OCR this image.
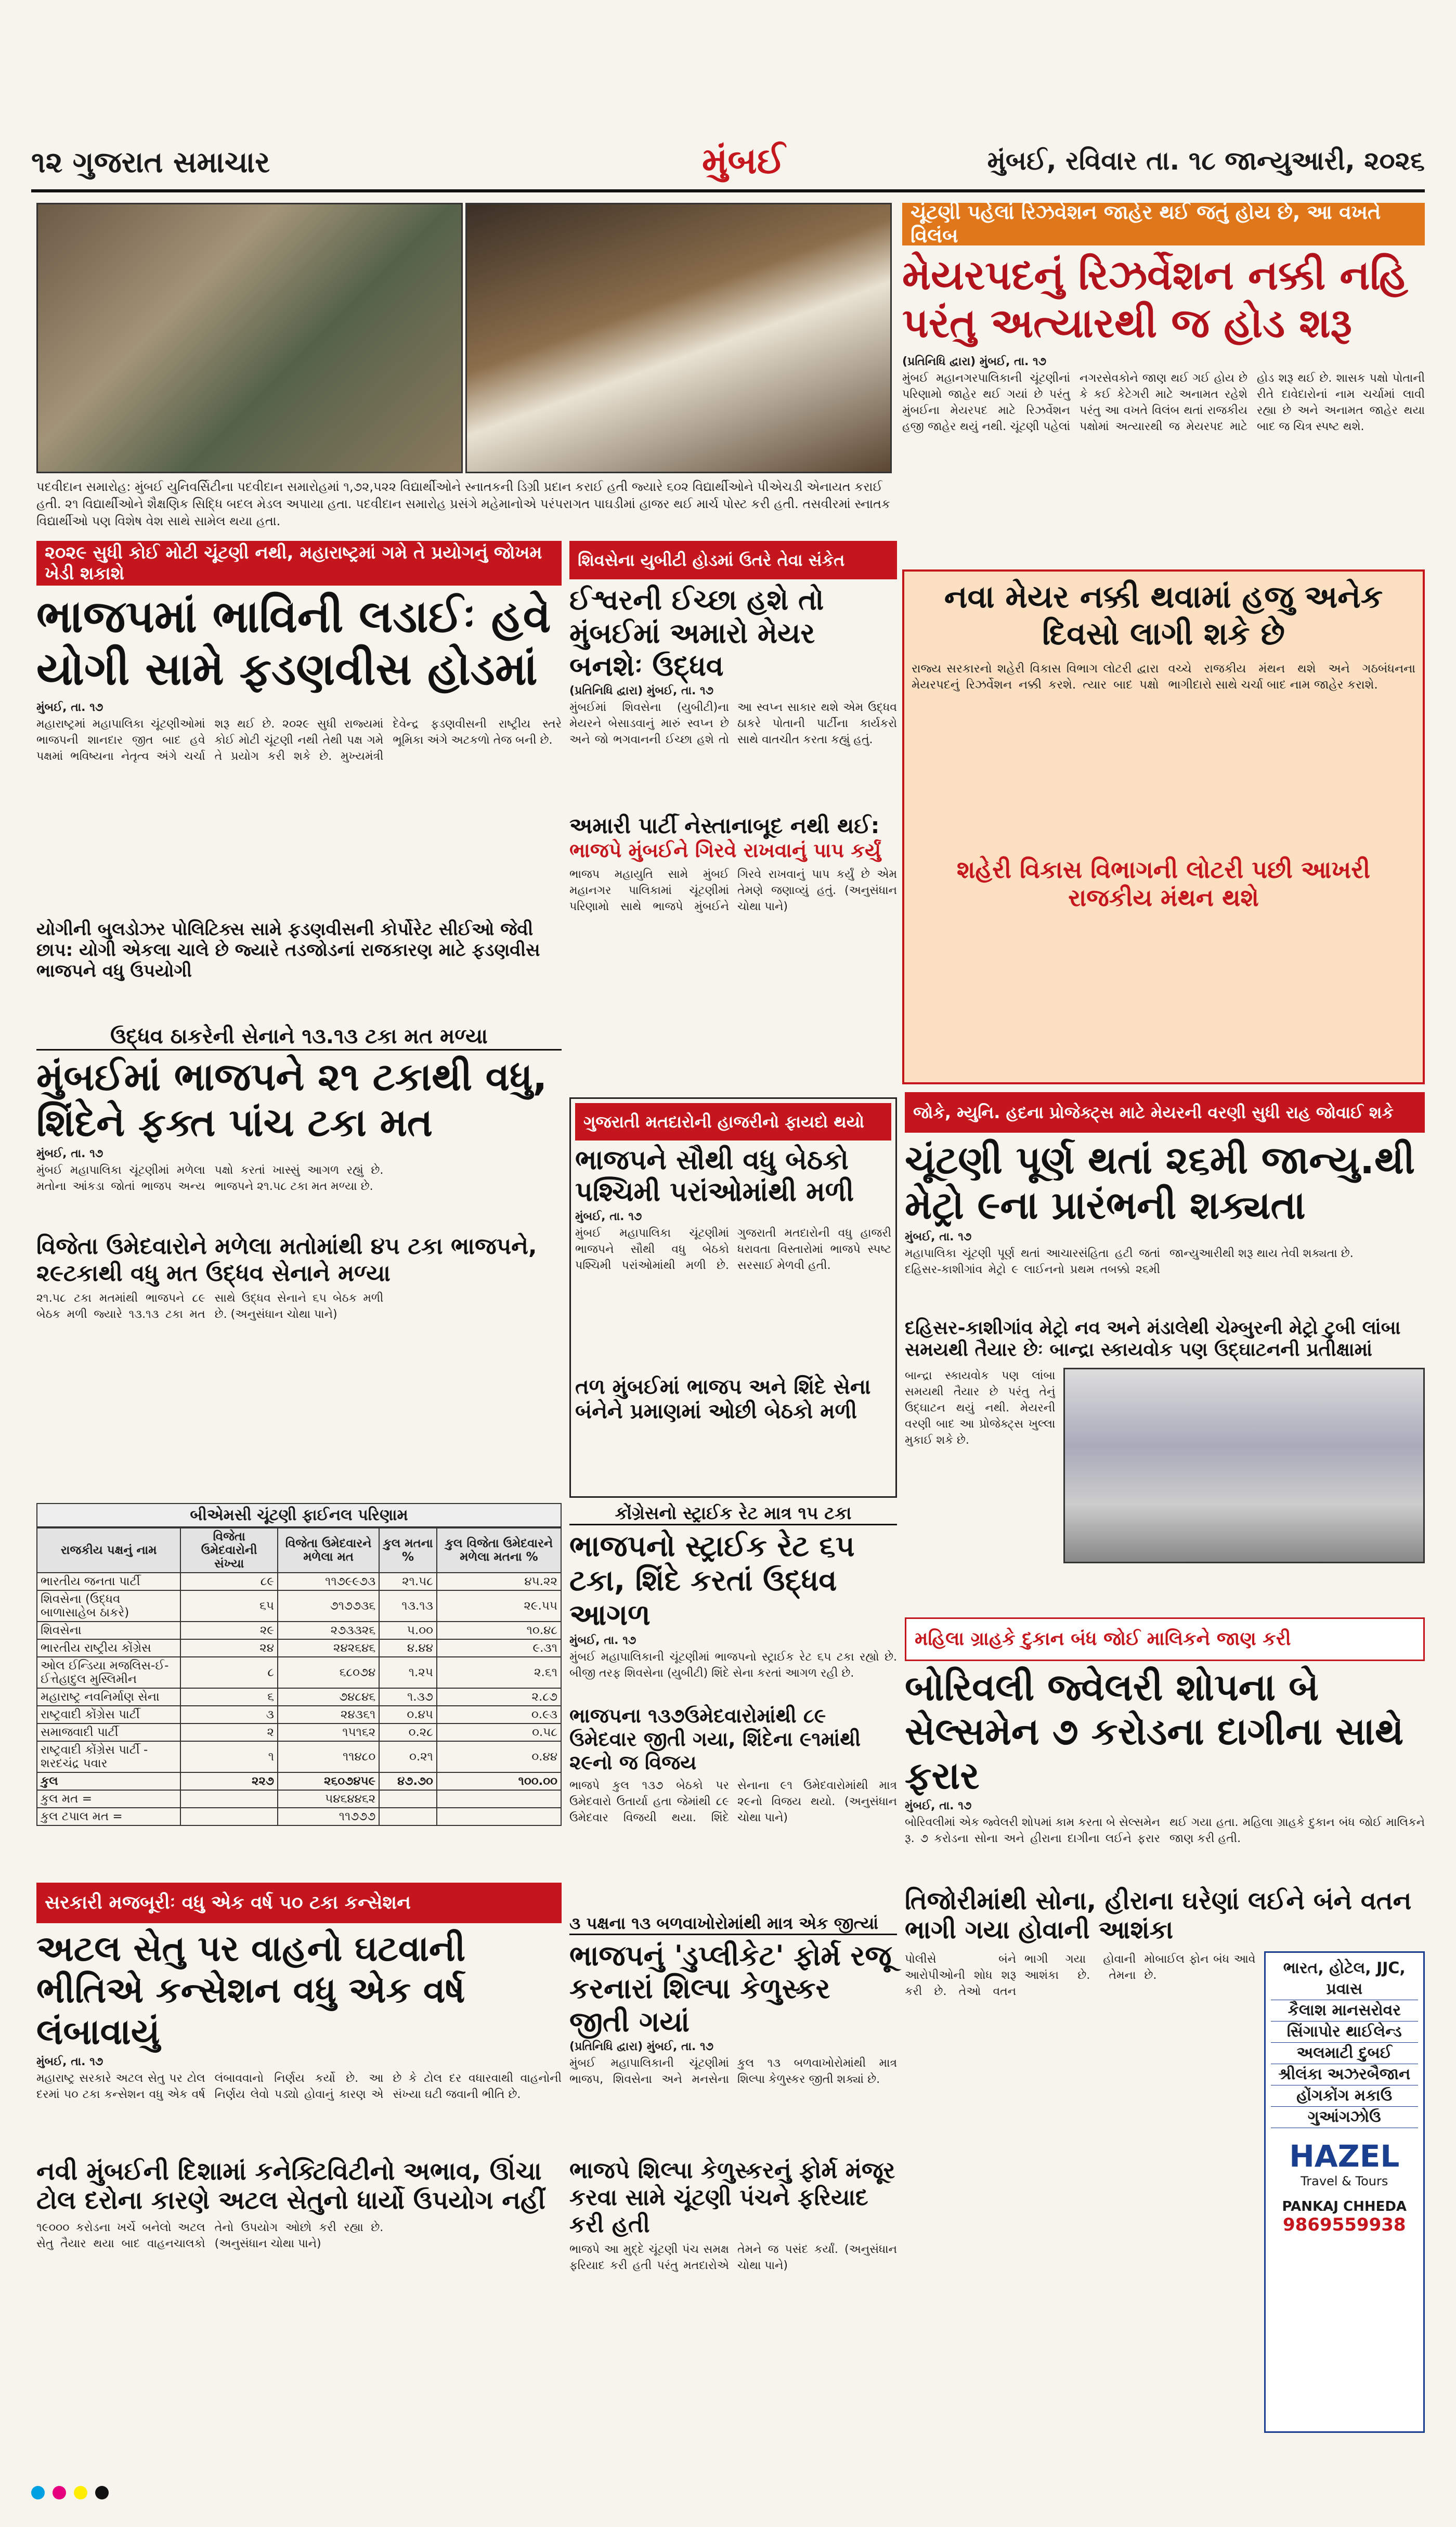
૧૨ ગુજરાત સમાચાર	મુંબઈ	મુંબઈ, રવિવાર તા. ૧૮ જાન્યુઆરી, ૨૦૨૬
પદવીદાન સમારોહ: મુંબઈ યુનિવર્સિટીના પદવીદાન સમારોહમાં ૧,૭૨,૫૨૨ વિદ્યાર્થીઓને સ્નાતકની ડિગ્રી પ્રદાન કરાઈ હતી જ્યારે ૬૦૨ વિદ્યાર્થીઓને પીએચડી એનાયત કરાઈ હતી. ૨૧ વિદ્યાર્થીઓને શૈક્ષણિક સિદ્ધિ બદલ મેડલ અપાયા હતા. પદવીદાન સમારોહ પ્રસંગે મહેમાનોએ પરંપરાગત પાઘડીમાં હાજર થઈ માર્ચ પોસ્ટ કરી હતી. તસવીરમાં સ્નાતક વિદ્યાર્થીઓ પણ વિશેષ વેશ સાથે સામેલ થયા હતા.
ચૂંટણી પહેલાં રિઝર્વેશન જાહેર થઈ જતું હોય છે, આ વખતે વિલંબ
મેયરપદનું રિઝર્વેશન નક્કી નહિ પરંતુ અત્યારથી જ હોડ શરૂ
(પ્રતિનિધિ દ્વારા) મુંબઈ, તા. ૧૭
મુંબઈ મહાનગરપાલિકાની ચૂંટણીનાં પરિણામો જાહેર થઈ ગયાં છે પરંતુ મુંબઈના મેયરપદ માટે રિઝર્વેશન હજી જાહેર થયું નથી. ચૂંટણી પહેલાં નગરસેવકોને જાણ થઈ ગઈ હોય છે કે કઈ કેટેગરી માટે અનામત રહેશે પરંતુ આ વખતે વિલંબ થતાં રાજકીય પક્ષોમાં અત્યારથી જ મેયરપદ માટે હોડ શરૂ થઈ છે. શાસક પક્ષો પોતાની રીતે દાવેદારોનાં નામ ચર્ચામાં લાવી રહ્યા છે અને અનામત જાહેર થયા બાદ જ ચિત્ર સ્પષ્ટ થશે.
નવા મેયર નક્કી થવામાં હજુ અનેક દિવસો લાગી શકે છે
રાજ્ય સરકારનો શહેરી વિકાસ વિભાગ લોટરી દ્વારા મેયરપદનું રિઝર્વેશન નક્કી કરશે. ત્યાર બાદ પક્ષો વચ્ચે રાજકીય મંથન થશે અને ગઠબંધનના ભાગીદારો સાથે ચર્ચા બાદ નામ જાહેર કરાશે.
શહેરી વિકાસ વિભાગની લોટરી પછી આખરી રાજકીય મંથન થશે
૨૦૨૯ સુધી કોઈ મોટી ચૂંટણી નથી, મહારાષ્ટ્રમાં ગમે તે પ્રયોગનું જોખમ ખેડી શકાશે
ભાજપમાં ભાવિની લડાઈઃ હવે યોગી સામે ફડણવીસ હોડમાં
મુંબઈ, તા. ૧૭
મહારાષ્ટ્રમાં મહાપાલિકા ચૂંટણીઓમાં ભાજપની શાનદાર જીત બાદ હવે પક્ષમાં ભવિષ્યના નેતૃત્વ અંગે ચર્ચા શરૂ થઈ છે. ૨૦૨૯ સુધી રાજ્યમાં કોઈ મોટી ચૂંટણી નથી તેથી પક્ષ ગમે તે પ્રયોગ કરી શકે છે. મુખ્યમંત્રી દેવેન્દ્ર ફડણવીસની રાષ્ટ્રીય સ્તરે ભૂમિકા અંગે અટકળો તેજ બની છે.
યોગીની બુલડોઝર પોલિટિક્સ સામે ફડણવીસની કોર્પોરેટ સીઈઓ જેવી છાપ: યોગી એકલા ચાલે છે જ્યારે તડજોડનાં રાજકારણ માટે ફડણવીસ ભાજપને વધુ ઉપયોગી
શિવસેના યુબીટી હોડમાં ઉતરે તેવા સંકેત
ઈશ્વરની ઈચ્છા હશે તો મુંબઈમાં અમારો મેયર બનશેઃ ઉદ્ધવ
(પ્રતિનિધિ દ્વારા) મુંબઈ, તા. ૧૭
મુંબઈમાં શિવસેના (યુબીટી)ના મેયરને બેસાડવાનું મારું સ્વપ્ન છે અને જો ભગવાનની ઈચ્છા હશે તો આ સ્વપ્ન સાકાર થશે એમ ઉદ્ધવ ઠાકરે પોતાની પાર્ટીના કાર્યકરો સાથે વાતચીત કરતા કહ્યું હતું.
અમારી પાર્ટી નેસ્તાનાબૂદ નથી થઈ:
ભાજપે મુંબઈને ગિરવે રાખવાનું પાપ કર્યું
ભાજપ મહાયુતિ સામે મુંબઈ મહાનગર પાલિકામાં ચૂંટણીમાં પરિણામો સાથે ભાજપે મુંબઈને ગિરવે રાખવાનું પાપ કર્યું છે એમ તેમણે જણાવ્યું હતું. (અનુસંધાન ચોથા પાને)
ગુજરાતી મતદારોની હાજરીનો ફાયદો થયો
ભાજપને સૌથી વધુ બેઠકો પશ્ચિમી પરાંઓમાંથી મળી
મુંબઈ, તા. ૧૭
મુંબઈ મહાપાલિકા ચૂંટણીમાં ભાજપને સૌથી વધુ બેઠકો પશ્ચિમી પરાંઓમાંથી મળી છે. ગુજરાતી મતદારોની વધુ હાજરી ધરાવતા વિસ્તારોમાં ભાજપે સ્પષ્ટ સરસાઈ મેળવી હતી.
તળ મુંબઈમાં ભાજપ અને શિંદે સેના બંનેને પ્રમાણમાં ઓછી બેઠકો મળી
જોકે, મ્યુનિ. હદના પ્રોજેક્ટ્સ માટે મેયરની વરણી સુધી રાહ જોવાઈ શકે
ચૂંટણી પૂર્ણ થતાં ૨૬મી જાન્યુ.થી મેટ્રો ૯ના પ્રારંભની શક્યતા
મુંબઈ, તા. ૧૭
મહાપાલિકા ચૂંટણી પૂર્ણ થતાં આચારસંહિતા હટી જતાં દહિસર-કાશીગાંવ મેટ્રો ૯ લાઈનનો પ્રથમ તબક્કો ૨૬મી જાન્યુઆરીથી શરૂ થાય તેવી શક્યતા છે.
દહિસર-કાશીગાંવ મેટ્રો નવ અને મંડાલેથી ચેમ્બુરની મેટ્રો ટુબી લાંબા સમયથી તૈયાર છેઃ બાન્દ્રા સ્કાયવોક પણ ઉદ્ઘાટનની પ્રતીક્ષામાં
બાન્દ્રા સ્કાયવોક પણ લાંબા સમયથી તૈયાર છે પરંતુ તેનું ઉદ્ઘાટન થયું નથી. મેયરની વરણી બાદ આ પ્રોજેક્ટ્સ ખુલ્લા મુકાઈ શકે છે.
ઉદ્ધવ ઠાકરેની સેનાને ૧૩.૧૩ ટકા મત મળ્યા
મુંબઈમાં ભાજપને ૨૧ ટકાથી વધુ, શિંદેને ફક્ત પાંચ ટકા મત
મુંબઈ, તા. ૧૭
મુંબઈ મહાપાલિકા ચૂંટણીમાં મળેલા મતોના આંકડા જોતાં ભાજપ અન્ય પક્ષો કરતાં ખાસ્સું આગળ રહ્યું છે. ભાજપને ૨૧.૫૮ ટકા મત મળ્યા છે.
વિજેતા ઉમેદવારોને મળેલા મતોમાંથી ૪૫ ટકા ભાજપને, ૨૯ટકાથી વધુ મત ઉદ્ધવ સેનાને મળ્યા
૨૧.૫૮ ટકા મતમાંથી ભાજપને ૮૯ બેઠક મળી જ્યારે ૧૩.૧૩ ટકા મત સાથે ઉદ્ધવ સેનાને ૬૫ બેઠક મળી છે. (અનુસંધાન ચોથા પાને)
બીએમસી ચૂંટણી ફાઈનલ પરિણામ
રાજકીય પક્ષનું નામ	વિજેતા ઉમેદવારોની સંખ્યા	વિજેતા ઉમેદવારને મળેલા મત	કુલ મતના %	કુલ વિજેતા ઉમેદવારને મળેલા મતના %
ભારતીય જનતા પાર્ટી	૮૯	૧૧૭૯૯૭૩	૨૧.૫૮	૪૫.૨૨
શિવસેના (ઉદ્ધવ બાળાસાહેબ ઠાકરે)	૬૫	૭૧૭૭૩૬	૧૩.૧૩	૨૯.૫૫
શિવસેના	૨૯	૨૭૩૩૨૬	૫.૦૦	૧૦.૪૮
ભારતીય રાષ્ટ્રીય કોંગ્રેસ	૨૪	૨૪૨૬૪૬	૪.૪૪	૯.૩૧
ઓલ ઈન્ડિયા મજલિસ-ઈ-ઈત્તેહાદુલ મુસ્લિમીન	૮	૬૮૦૭૪	૧.૨૫	૨.૬૧
મહારાષ્ટ્ર નવનિર્માણ સેના	૬	૭૪૮૪૬	૧.૩૭	૨.૮૭
રાષ્ટ્રવાદી કોંગ્રેસ પાર્ટી	૩	૨૪૩૬૧	૦.૪૫	૦.૯૩
સમાજવાદી પાર્ટી	૨	૧૫૧૬૨	૦.૨૮	૦.૫૮
રાષ્ટ્રવાદી કોંગ્રેસ પાર્ટી - શરદચંદ્ર પવાર	૧	૧૧૪૮૦	૦.૨૧	૦.૪૪
કુલ	૨૨૭	૨૬૦૭૪૫૯	૪૭.૭૦	૧૦૦.૦૦
કુલ મત =		૫૪૬૪૪૬૨		
કુલ ટપાલ મત =		૧૧૭૭૭		
કોંગ્રેસનો સ્ટ્રાઈક રેટ માત્ર ૧૫ ટકા
ભાજપનો સ્ટ્રાઈક રેટ ૬૫ ટકા, શિંદે કરતાં ઉદ્ધવ આગળ
મુંબઈ, તા. ૧૭
મુંબઈ મહાપાલિકાની ચૂંટણીમાં ભાજપનો સ્ટ્રાઈક રેટ ૬૫ ટકા રહ્યો છે. બીજી તરફ શિવસેના (યુબીટી) શિંદે સેના કરતાં આગળ રહી છે.
ભાજપના ૧૩૭ઉમેદવારોમાંથી ૮૯ ઉમેદવાર જીતી ગયા, શિંદેના ૯૧માંથી ૨૯નો જ વિજય
ભાજપે કુલ ૧૩૭ બેઠકો પર ઉમેદવારો ઉતાર્યા હતા જેમાંથી ૮૯ ઉમેદવાર વિજયી થયા. શિંદે સેનાના ૯૧ ઉમેદવારોમાંથી માત્ર ૨૯નો વિજય થયો. (અનુસંધાન ચોથા પાને)
મહિલા ગ્રાહકે દુકાન બંધ જોઈ માલિકને જાણ કરી
બોરિવલી જ્વેલરી શોપના બે સેલ્સમેન ૭ કરોડના દાગીના સાથે ફરાર
મુંબઈ, તા. ૧૭
બોરિવલીમાં એક જ્વેલરી શોપમાં કામ કરતા બે સેલ્સમેન રૂ. ૭ કરોડના સોના અને હીરાના દાગીના લઈને ફરાર થઈ ગયા હતા. મહિલા ગ્રાહકે દુકાન બંધ જોઈ માલિકને જાણ કરી હતી.
તિજોરીમાંથી સોના, હીરાના ઘરેણાં લઈને બંને વતન ભાગી ગયા હોવાની આશંકા
પોલીસે બંને આરોપીઓની શોધ શરૂ કરી છે. તેઓ વતન ભાગી ગયા હોવાની આશંકા છે. તેમના મોબાઈલ ફોન બંધ આવે છે.	ભારત, હોટેલ, JJC, પ્રવાસ
કૈલાશ માનસરોવર
સિંગાપોર થાઈલેન્ડ
અલમાટી દુબઈ
શ્રીલંકા અઝરબૈજાન
હોંગકોંગ મકાઉ
ગુઆંગઝોઉ
HAZEL
Travel & Tours
PANKAJ CHHEDA
9869559938
સરકારી મજબૂરીઃ વધુ એક વર્ષ ૫૦ ટકા કન્સેશન
અટલ સેતુ પર વાહનો ઘટવાની ભીતિએ કન્સેશન વધુ એક વર્ષ લંબાવાયું
મુંબઈ, તા. ૧૭
મહારાષ્ટ્ર સરકારે અટલ સેતુ પર ટોલ દરમાં ૫૦ ટકા કન્સેશન વધુ એક વર્ષ લંબાવવાનો નિર્ણય કર્યો છે. આ નિર્ણય લેવો પડ્યો હોવાનું કારણ એ છે કે ટોલ દર વધારવાથી વાહનોની સંખ્યા ઘટી જવાની ભીતિ છે.
નવી મુંબઈની દિશામાં કનેક્ટિવિટીનો અભાવ, ઊંચા ટોલ દરોના કારણે અટલ સેતુનો ધાર્યો ઉપયોગ નહીં
૧૯૦૦૦ કરોડના ખર્ચે બનેલો અટલ સેતુ તૈયાર થયા બાદ વાહનચાલકો તેનો ઉપયોગ ઓછો કરી રહ્યા છે. (અનુસંધાન ચોથા પાને)
૩ પક્ષના ૧૩ બળવાખોરોમાંથી માત્ર એક જીત્યાં
ભાજપનું 'ડુપ્લીકેટ' ફોર્મ રજૂ કરનારાં શિલ્પા કેળુસ્કર જીતી ગયાં
(પ્રતિનિધિ દ્વારા) મુંબઈ, તા. ૧૭
મુંબઈ મહાપાલિકાની ચૂંટણીમાં ભાજપ, શિવસેના અને મનસેના કુલ ૧૩ બળવાખોરોમાંથી માત્ર શિલ્પા કેળુસ્કર જીતી શક્યાં છે.
ભાજપે શિલ્પા કેળુસ્કરનું ફોર્મ મંજૂર કરવા સામે ચૂંટણી પંચને ફરિયાદ કરી હતી
ભાજપે આ મુદ્દે ચૂંટણી પંચ સમક્ષ ફરિયાદ કરી હતી પરંતુ મતદારોએ તેમને જ પસંદ કર્યાં. (અનુસંધાન ચોથા પાને)
